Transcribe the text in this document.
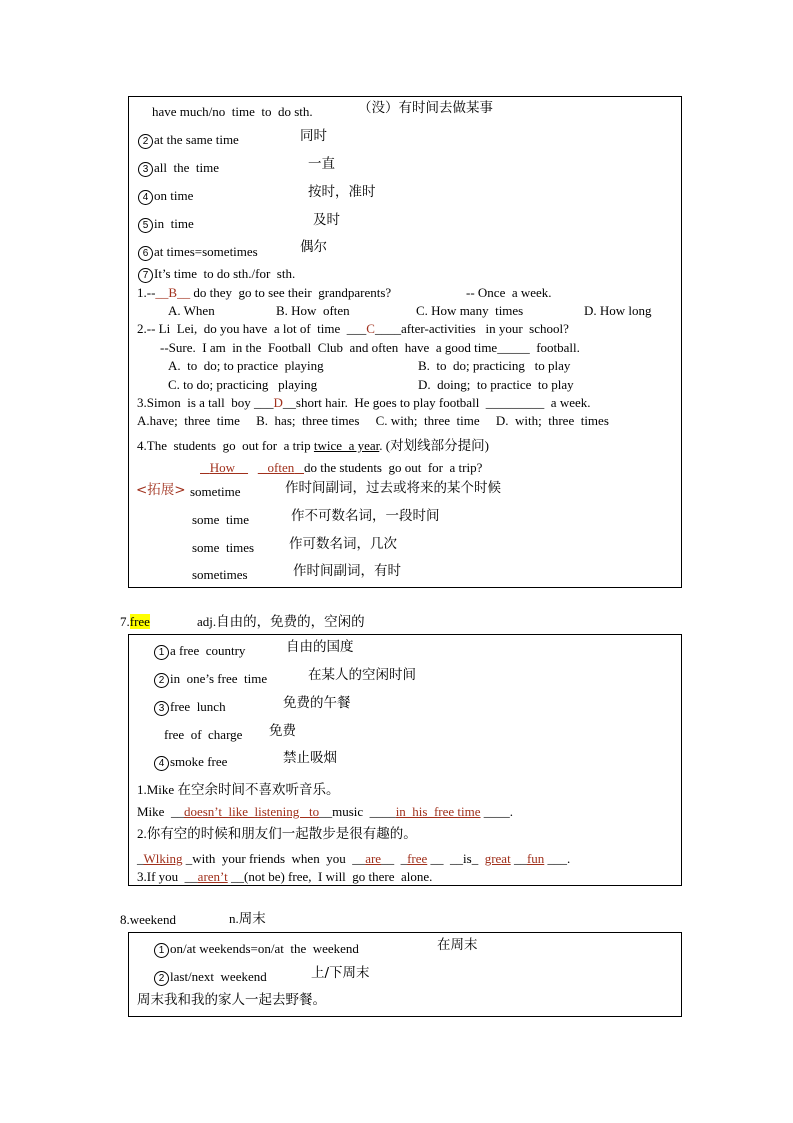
have much/no  time  to  do sth.	（没）有时间去做某事
2 at the same time	同时
3 all  the  time	一直
4 on time	按时，准时
5 in  time	及时
6 at times=sometimes	偶尔
7 It’s time  to do sth./for  sth.
1.--__B__ do they  go to see their  grandparents?	-- Once  a week.
A. When	B. How  often	C. How many  times	D. How long
2.-- Li  Lei,  do you have  a lot of  time  ___C____after-activities   in your  school?
--Sure.  I am  in the  Football  Club  and often  have  a good time_____  football.
A.  to  do; to practice  playing	B.  to  do; practicing   to play
C. to do; practicing   playing	D.  doing;  to practice  to play
3.Simon  is a tall  boy ___D__short hair.  He goes to play football  _________  a week.
A.have;  three  time     B.  has;  three times     C. with;  three  time     D.  with;  three  times
4.The  students  go  out for  a trip twice  a year. (对划线部分提问)
How	often do the students  go out  for  a trip?
<拓展> sometime	作时间副词，过去或将来的某个时候
some  time	作不可数名词，一段时间
some  times	作可数名词，几次
sometimes	作时间副词，有时
7.free	adj.自由的，免费的，空闲的
1 a free  country	自由的国度
2 in  one’s free  time	在某人的空闲时间
3 free  lunch	免费的午餐
free  of  charge 免费
4 smoke free	禁止吸烟
1.Mike 在空余时间不喜欢听音乐。
Mike  __doesn’t  like  listening   to__music  ____in  his  free time ____.
2.你有空的时候和朋友们一起散步是很有趣的。
_Wlking _with  your friends  when  you  __are__  _free __  __is_  great __fun ___.
3.If you  __aren’t __(not be) free,  I will  go there  alone.
8.weekend	n.周末
1 on/at weekends=on/at  the  weekend	在周末
2 last/next  weekend	上/下周末
周末我和我的家人一起去野餐。
